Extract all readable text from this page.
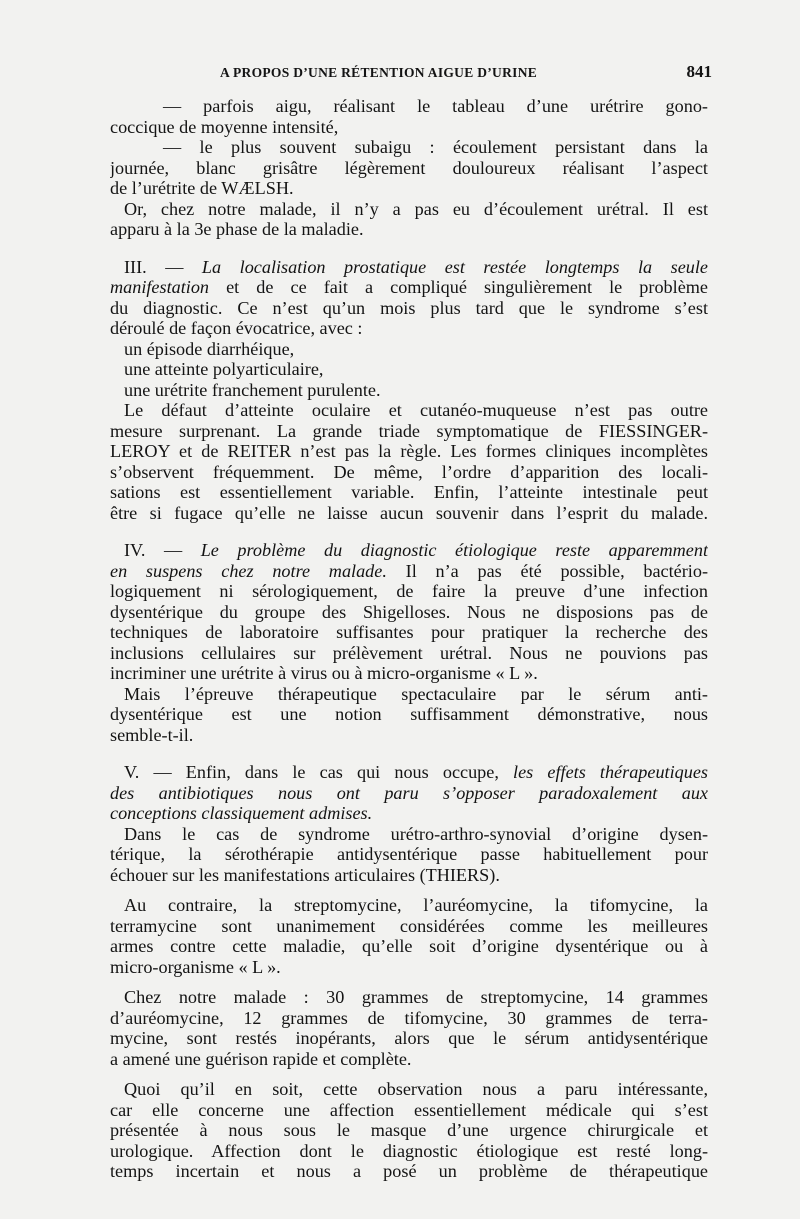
A PROPOS D’UNE RÉTENTION AIGUE D’URINE	841
— parfois aigu, réalisant le tableau d’une urétrire gono-
coccique de moyenne intensité,
— le plus souvent subaigu : écoulement persistant dans la
journée, blanc grisâtre légèrement douloureux réalisant l’aspect
de l’urétrite de WÆLSH.
Or, chez notre malade, il n’y a pas eu d’écoulement urétral. Il est
apparu à la 3e phase de la maladie.
III. — La localisation prostatique est restée longtemps la seule
manifestation et de ce fait a compliqué singulièrement le problème
du diagnostic. Ce n’est qu’un mois plus tard que le syndrome s’est
déroulé de façon évocatrice, avec :
un épisode diarrhéique,
une atteinte polyarticulaire,
une urétrite franchement purulente.
Le défaut d’atteinte oculaire et cutanéo-muqueuse n’est pas outre
mesure surprenant. La grande triade symptomatique de FIESSINGER-
LEROY et de REITER n’est pas la règle. Les formes cliniques incomplètes
s’observent fréquemment. De même, l’ordre d’apparition des locali-
sations est essentiellement variable. Enfin, l’atteinte intestinale peut
être si fugace qu’elle ne laisse aucun souvenir dans l’esprit du malade.
IV. — Le problème du diagnostic étiologique reste apparemment
en suspens chez notre malade. Il n’a pas été possible, bactério-
logiquement ni sérologiquement, de faire la preuve d’une infection
dysentérique du groupe des Shigelloses. Nous ne disposions pas de
techniques de laboratoire suffisantes pour pratiquer la recherche des
inclusions cellulaires sur prélèvement urétral. Nous ne pouvions pas
incriminer une urétrite à virus ou à micro-organisme « L ».
Mais l’épreuve thérapeutique spectaculaire par le sérum anti-
dysentérique est une notion suffisamment démonstrative, nous
semble-t-il.
V. — Enfin, dans le cas qui nous occupe, les effets thérapeutiques
des antibiotiques nous ont paru s’opposer paradoxalement aux
conceptions classiquement admises.
Dans le cas de syndrome urétro-arthro-synovial d’origine dysen-
térique, la sérothérapie antidysentérique passe habituellement pour
échouer sur les manifestations articulaires (THIERS).
Au contraire, la streptomycine, l’auréomycine, la tifomycine, la
terramycine sont unanimement considérées comme les meilleures
armes contre cette maladie, qu’elle soit d’origine dysentérique ou à
micro-organisme « L ».
Chez notre malade : 30 grammes de streptomycine, 14 grammes
d’auréomycine, 12 grammes de tifomycine, 30 grammes de terra-
mycine, sont restés inopérants, alors que le sérum antidysentérique
a amené une guérison rapide et complète.
Quoi qu’il en soit, cette observation nous a paru intéressante,
car elle concerne une affection essentiellement médicale qui s’est
présentée à nous sous le masque d’une urgence chirurgicale et
urologique. Affection dont le diagnostic étiologique est resté long-
temps incertain et nous a posé un problème de thérapeutique
